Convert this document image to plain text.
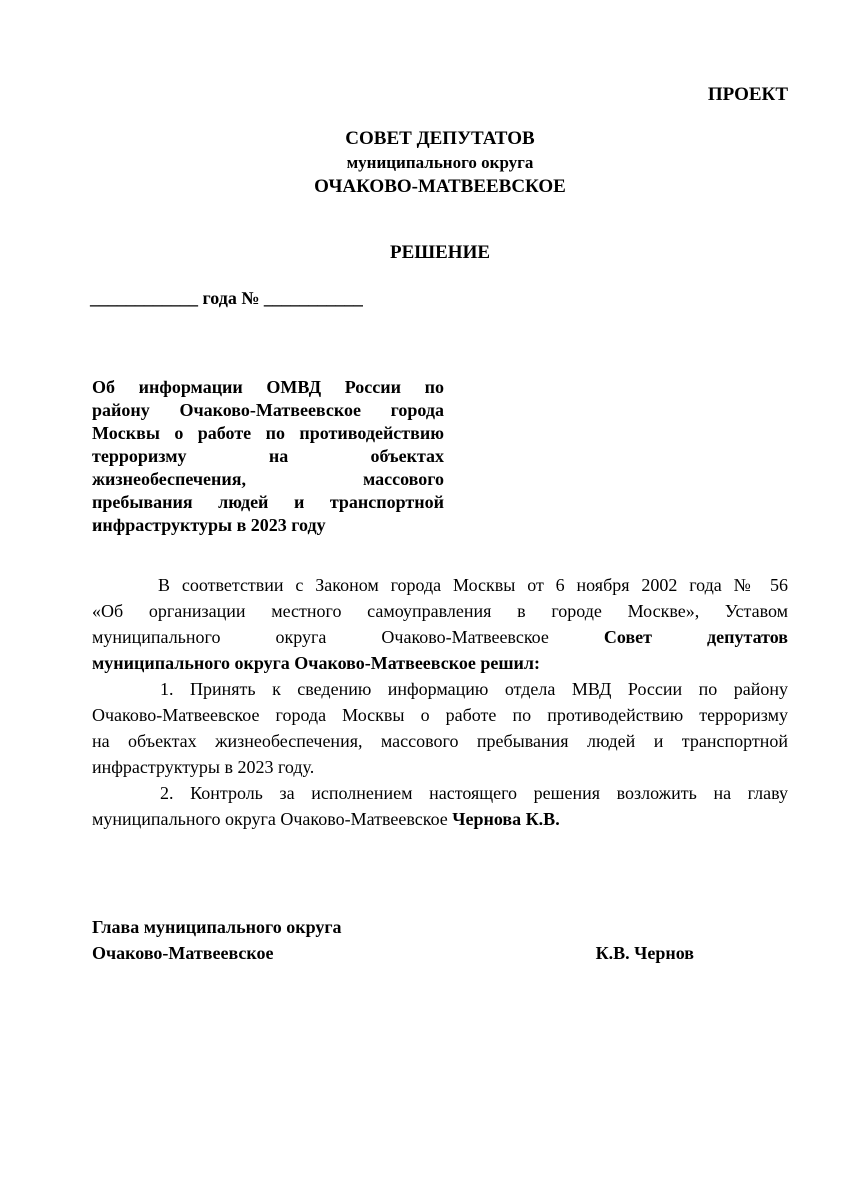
ПРОЕКТ
СОВЕТ ДЕПУТАТОВ
муниципального округа
ОЧАКОВО-МАТВЕЕВСКОЕ
РЕШЕНИЕ
____________ года № ___________
Об информации ОМВД России по
району Очаково-Матвеевское города
Москвы о работе по противодействию
терроризму на объектах
жизнеобеспечения, массового
пребывания людей и транспортной
инфраструктуры в 2023 году
В соответствии с Законом города Москвы от 6 ноября 2002 года № 56
«Об организации местного самоуправления в городе Москве», Уставом
муниципального округа Очаково-Матвеевское	Совет депутатов
муниципального округа Очаково-Матвеевское решил:
1. Принять к сведению информацию отдела МВД России по району
Очаково-Матвеевское города Москвы о работе по противодействию терроризму
на объектах жизнеобеспечения, массового пребывания людей и транспортной
инфраструктуры в 2023 году.
2. Контроль за исполнением настоящего решения возложить на главу
муниципального округа Очаково-Матвеевское Чернова К.В.
Глава муниципального округа
Очаково-Матвеевское	К.В. Чернов
